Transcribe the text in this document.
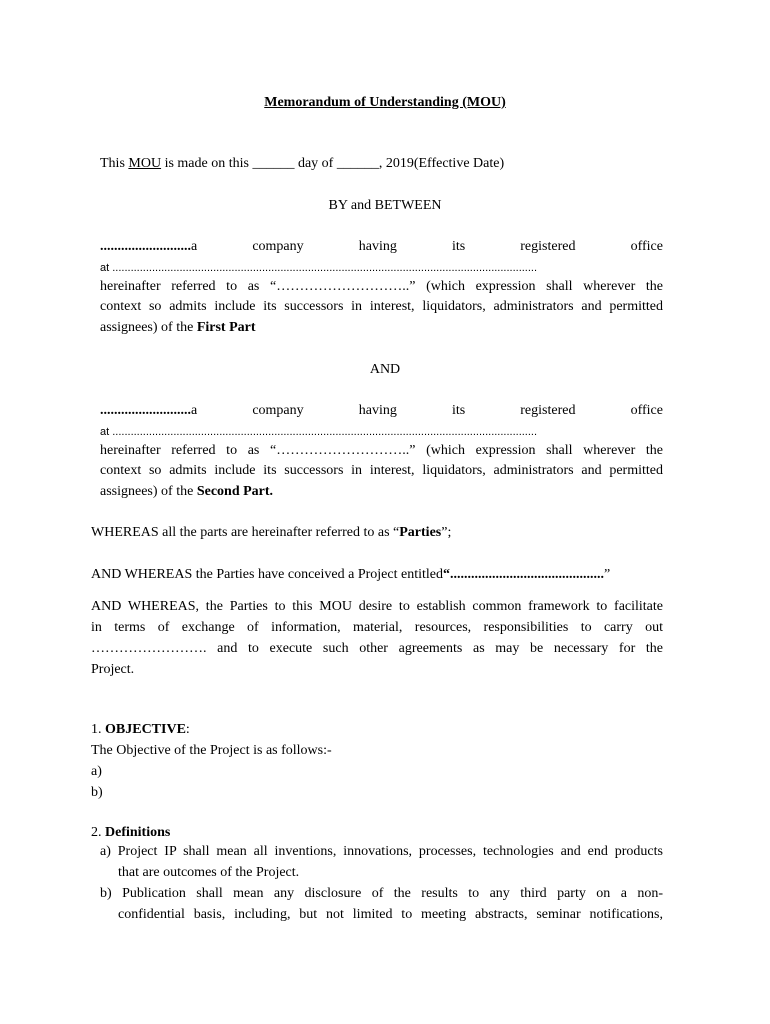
Memorandum of Understanding (MOU)
This MOU is made on this ______ day of ______, 2019(Effective Date)
BY and BETWEEN
..........................a	company	having	its	registered	office
at ...........................................................................................................................................
hereinafter referred to as “………………………..” (which expression shall wherever the
context so admits include its successors in interest, liquidators, administrators and permitted
assignees) of the First Part
AND
..........................a	company	having	its	registered	office
at ...........................................................................................................................................
hereinafter referred to as “………………………..” (which expression shall wherever the
context so admits include its successors in interest, liquidators, administrators and permitted
assignees) of the Second Part.
WHEREAS all the parts are hereinafter referred to as “Parties”;
AND WHEREAS the Parties have conceived a Project entitled“............................................”
AND WHEREAS, the Parties to this MOU desire to establish common framework to facilitate
in terms of exchange of information, material, resources, responsibilities to carry out
……………………. and to execute such other agreements as may be necessary for the
Project.
1. OBJECTIVE:
The Objective of the Project is as follows:-
a)
b)
2. Definitions
a) Project IP shall mean all inventions, innovations, processes, technologies and end products
that are outcomes of the Project.
b) Publication shall mean any disclosure of the results to any third party on a non-
confidential basis, including, but not limited to meeting abstracts, seminar notifications,
